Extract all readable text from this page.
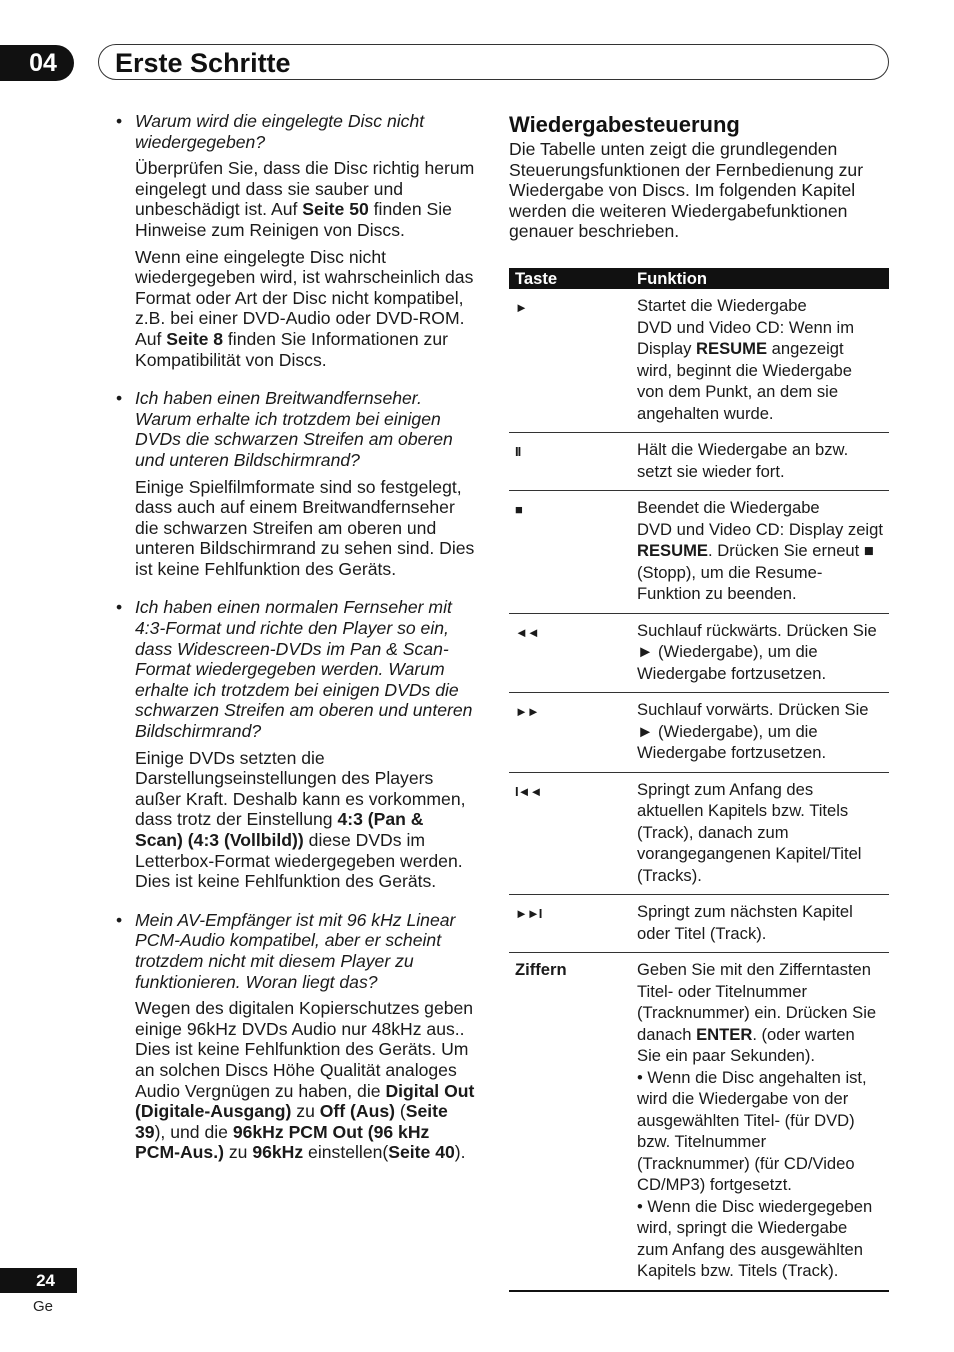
04	Erste Schritte
• Warum wird die eingelegte Disc nicht wiedergegeben?

Überprüfen Sie, dass die Disc richtig herum eingelegt und dass sie sauber und unbeschädigt ist. Auf Seite 50 finden Sie Hinweise zum Reinigen von Discs.

Wenn eine eingelegte Disc nicht wiedergegeben wird, ist wahrscheinlich das Format oder Art der Disc nicht kompatibel, z.B. bei einer DVD-Audio oder DVD-ROM. Auf Seite 8 finden Sie Informationen zur Kompatibilität von Discs.

• Ich haben einen Breitwandfernseher. Warum erhalte ich trotzdem bei einigen DVDs die schwarzen Streifen am oberen und unteren Bildschirmrand?

Einige Spielfilmformate sind so festgelegt, dass auch auf einem Breitwandfernseher die schwarzen Streifen am oberen und unteren Bildschirmrand zu sehen sind. Dies ist keine Fehlfunktion des Geräts.

• Ich haben einen normalen Fernseher mit 4:3-Format und richte den Player so ein, dass Widescreen-DVDs im Pan & Scan-Format wiedergegeben werden. Warum erhalte ich trotzdem bei einigen DVDs die schwarzen Streifen am oberen und unteren Bildschirmrand?

Einige DVDs setzten die Darstellungseinstellungen des Players außer Kraft. Deshalb kann es vorkommen, dass trotz der Einstellung 4:3 (Pan & Scan) (4:3 (Vollbild)) diese DVDs im Letterbox-Format wiedergegeben werden. Dies ist keine Fehlfunktion des Geräts.

• Mein AV-Empfänger ist mit 96 kHz Linear PCM-Audio kompatibel, aber er scheint trotzdem nicht mit diesem Player zu funktionieren. Woran liegt das?

Wegen des digitalen Kopierschutzes geben einige 96kHz DVDs Audio nur 48kHz aus.. Dies ist keine Fehlfunktion des Geräts. Um an solchen Discs Höhe Qualität analoges Audio Vergnügen zu haben, die Digital Out (Digitale-Ausgang) zu Off (Aus) (Seite 39), und die 96kHz PCM Out (96 kHz PCM-Aus.) zu 96kHz einstellen(Seite 40).

Wiedergabesteuerung

Die Tabelle unten zeigt die grundlegenden Steuerungsfunktionen der Fernbedienung zur Wiedergabe von Discs. Im folgenden Kapitel werden die weiteren Wiedergabefunktionen genauer beschrieben.

Taste	Funktion
►	Startet die Wiedergabe
DVD und Video CD: Wenn im Display RESUME angezeigt wird, beginnt die Wiedergabe von dem Punkt, an dem sie angehalten wurde.
II	Hält die Wiedergabe an bzw. setzt sie wieder fort.
■	Beendet die Wiedergabe
DVD und Video CD: Display zeigt RESUME. Drücken Sie erneut ■ (Stopp), um die Resume-Funktion zu beenden.
◄◄	Suchlauf rückwärts. Drücken Sie ► (Wiedergabe), um die Wiedergabe fortzusetzen.
►►	Suchlauf vorwärts. Drücken Sie ► (Wiedergabe), um die Wiedergabe fortzusetzen.
I◄◄	Springt zum Anfang des aktuellen Kapitels bzw. Titels (Track), danach zum vorangegangenen Kapitel/Titel (Tracks).
►►I	Springt zum nächsten Kapitel oder Titel (Track).
Ziffern	Geben Sie mit den Zifferntasten Titel- oder Titelnummer (Tracknummer) ein. Drücken Sie danach ENTER. (oder warten Sie ein paar Sekunden).
• Wenn die Disc angehalten ist, wird die Wiedergabe von der ausgewählten Titel- (für DVD) bzw. Titelnummer (Tracknummer) (für CD/Video CD/MP3) fortgesetzt.
• Wenn die Disc wiedergegeben wird, springt die Wiedergabe zum Anfang des ausgewählten Kapitels bzw. Titels (Track).
24
Ge
